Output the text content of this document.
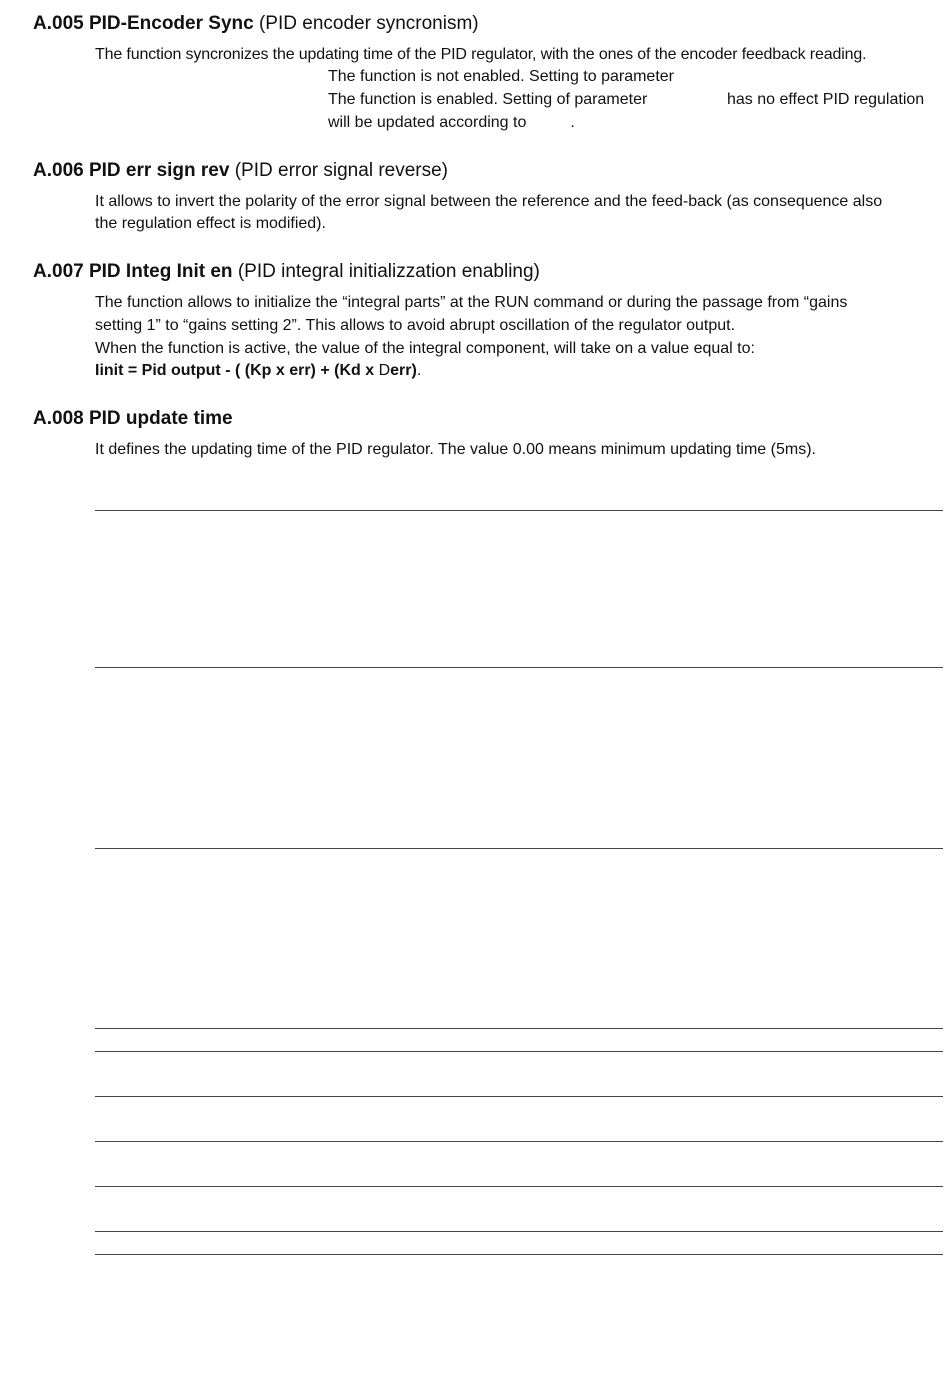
A.005 PID-Encoder Sync (PID encoder syncronism)
The function syncronizes the updating time of the PID regulator, with the ones of the encoder feedback reading.
The function is not enabled. Setting to parameter
The function is enabled. Setting of parameter	has no effect PID regulation
will be updated according to	.
A.006 PID err sign rev (PID error signal reverse)
It allows to invert the polarity of the error signal between the reference and the feed-back (as consequence also
the regulation effect is modified).
A.007 PID Integ Init en (PID integral initializzation enabling)
The function allows to initialize the “integral parts” at the RUN command or during the passage from “gains
setting 1” to “gains setting 2”. This allows to avoid abrupt oscillation of the regulator output.
When the function is active, the value of the integral component, will take on a value equal to:
Iinit = Pid output - ( (Kp x err) + (Kd x Derr).
A.008 PID update time
It defines the updating time of the PID regulator. The value 0.00 means minimum updating time (5ms).
